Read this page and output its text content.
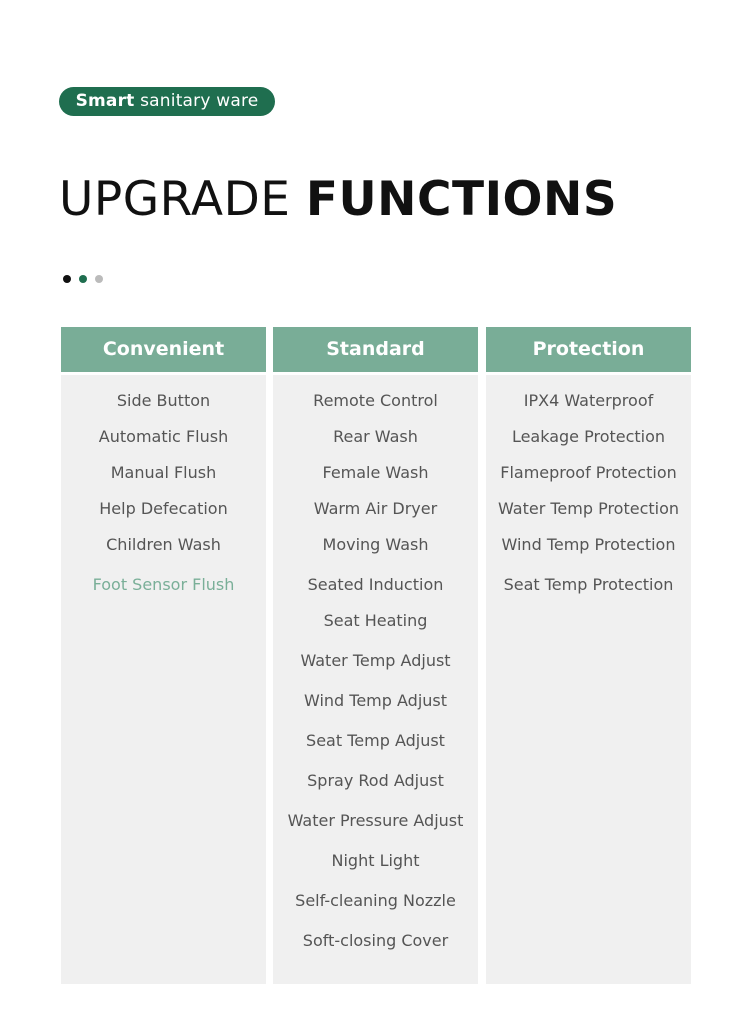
Smart sanitary ware
UPGRADE FUNCTIONS
Convenient
Side Button
Automatic Flush
Manual Flush
Help Defecation
Children Wash
Foot Sensor Flush
Standard
Remote Control
Rear Wash
Female Wash
Warm Air Dryer
Moving Wash
Seated Induction
Seat Heating
Water Temp Adjust
Wind Temp Adjust
Seat Temp Adjust
Spray Rod Adjust
Water Pressure Adjust
Night Light
Self-cleaning Nozzle
Soft-closing Cover
Protection
IPX4 Waterproof
Leakage Protection
Flameproof Protection
Water Temp Protection
Wind Temp Protection
Seat Temp Protection
